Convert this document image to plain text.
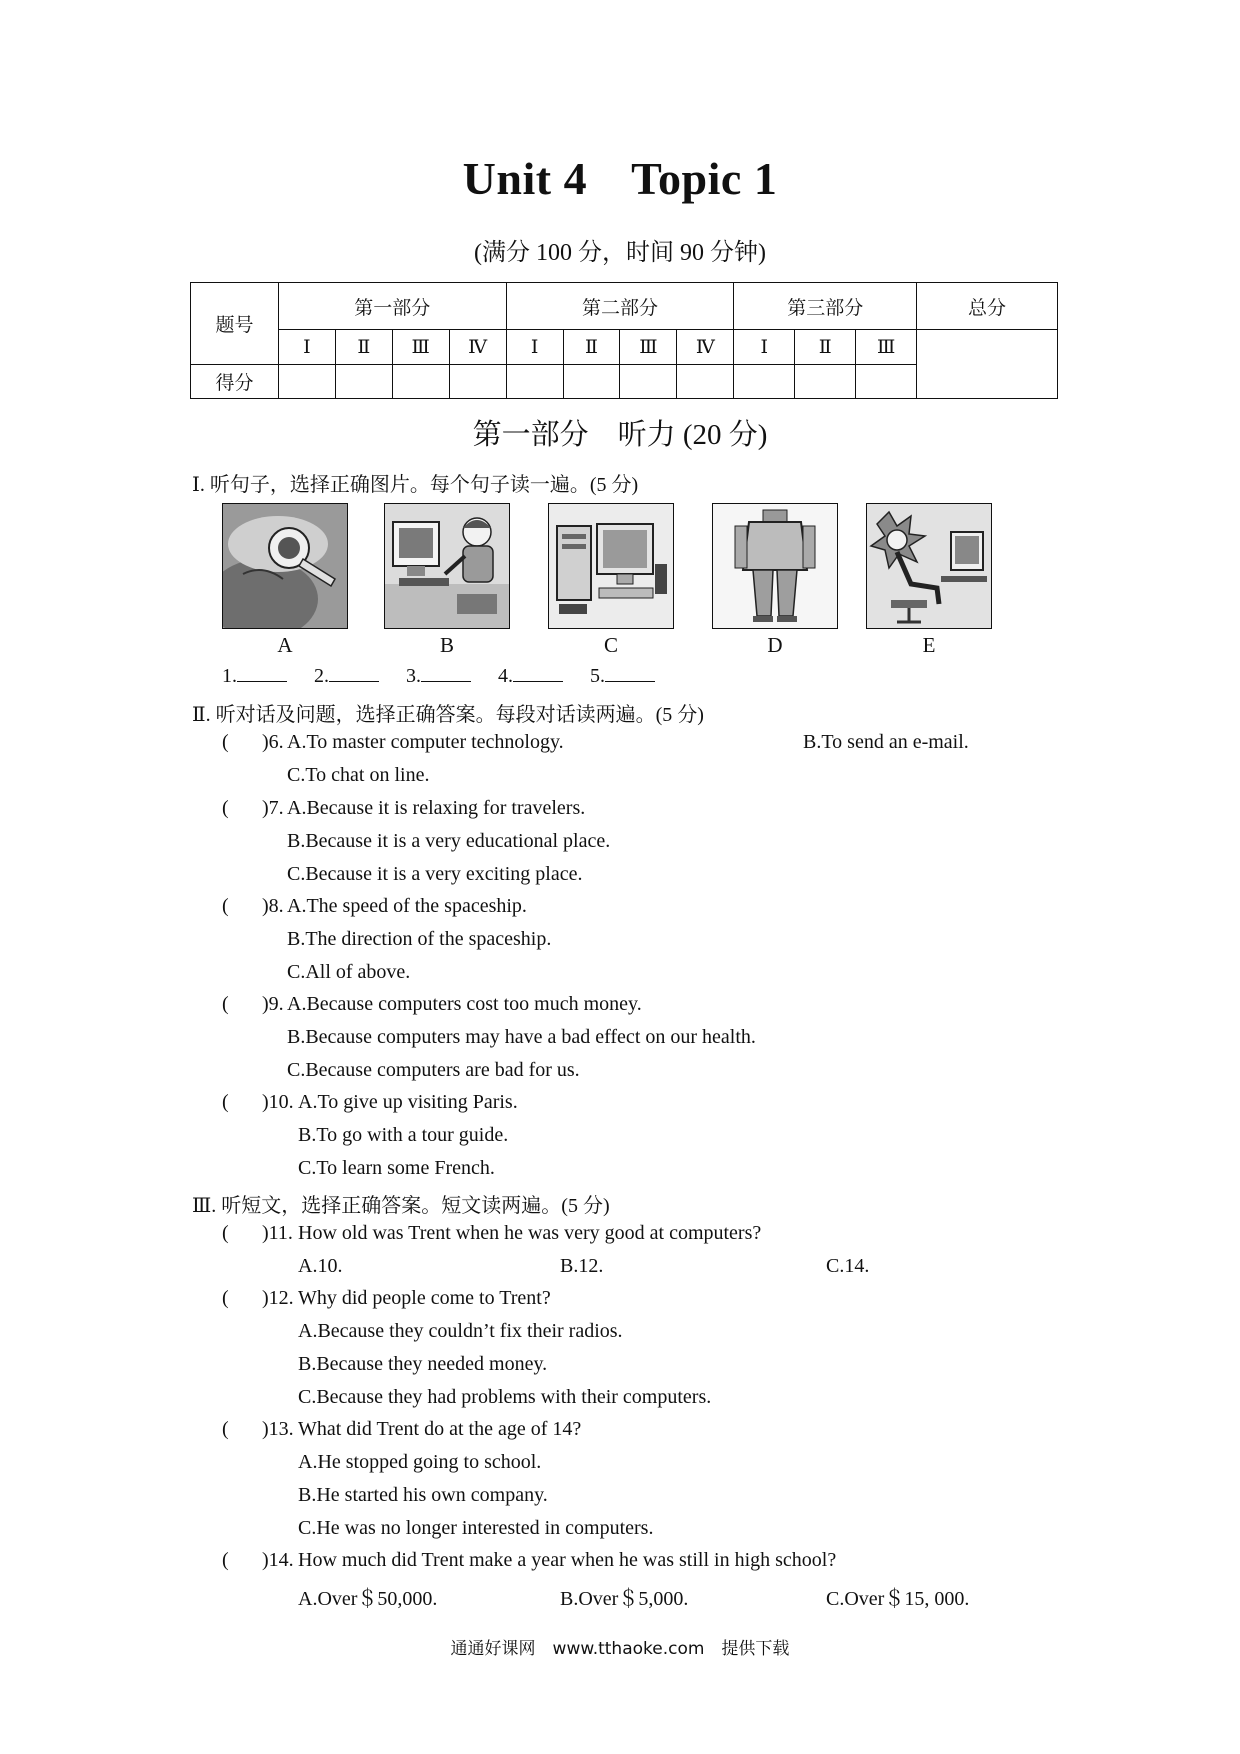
Unit 4 Topic 1
(满分 100 分，时间 90 分钟)
题号	第一部分				第二部分				第三部分			总分
	Ⅰ	Ⅱ	Ⅲ	Ⅳ	Ⅰ	Ⅱ	Ⅲ	Ⅳ	Ⅰ	Ⅱ	Ⅲ	
得分												
第一部分　听力 (20 分)
Ⅰ. 听句子，选择正确图片。每个句子读一遍。(5 分)
A	B	C	D	E
1.	2.	3.	4.	5.
Ⅱ. 听对话及问题，选择正确答案。每段对话读两遍。(5 分)
( )6. A.To master computer technology.	B.To send an e-mail.
C.To chat on line.
( )7. A.Because it is relaxing for travelers.
B.Because it is a very educational place.
C.Because it is a very exciting place.
( )8. A.The speed of the spaceship.
B.The direction of the spaceship.
C.All of above.
( )9. A.Because computers cost too much money.
B.Because computers may have a bad effect on our health.
C.Because computers are bad for us.
( )10. A.To give up visiting Paris.
B.To go with a tour guide.
C.To learn some French.
Ⅲ. 听短文，选择正确答案。短文读两遍。(5 分)
( )11. How old was Trent when he was very good at computers?
A.10.	B.12.	C.14.
( )12. Why did people come to Trent?
A.Because they couldn’t fix their radios.
B.Because they needed money.
C.Because they had problems with their computers.
( )13. What did Trent do at the age of 14?
A.He stopped going to school.
B.He started his own company.
C.He was no longer interested in computers.
( )14. How much did Trent make a year when he was still in high school?
A.Over＄50,000.	B.Over＄5,000.	C.Over＄15, 000.
通通好课网　www.tthaoke.com　提供下载
